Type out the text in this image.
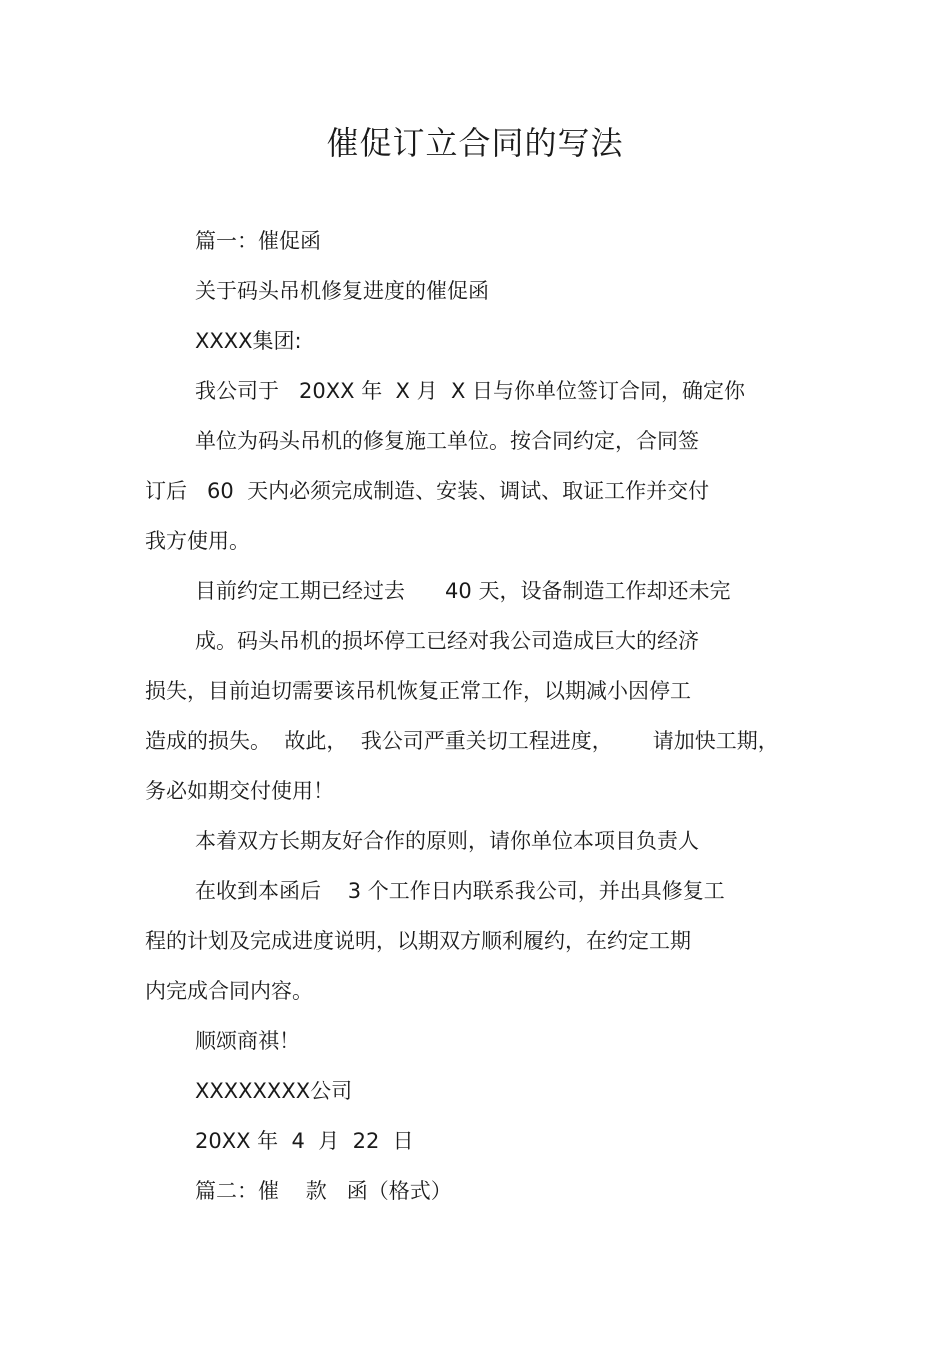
催促订立合同的写法
篇一：催促函
关于码头吊机修复进度的催促函
XXXX集团:
我公司于   20XX 年  X 月  X 日与你单位签订合同，确定你
单位为码头吊机的修复施工单位。按合同约定，合同签
订后   60  天内必须完成制造、安装、调试、取证工作并交付
我方使用。
目前约定工期已经过去      40 天，设备制造工作却还未完
成。码头吊机的损坏停工已经对我公司造成巨大的经济
损失，目前迫切需要该吊机恢复正常工作，以期减小因停工
造成的损失。  故此，  我公司严重关切工程进度，      请加快工期，
务必如期交付使用！
本着双方长期友好合作的原则，请你单位本项目负责人
在收到本函后    3 个工作日内联系我公司，并出具修复工
程的计划及完成进度说明，以期双方顺利履约，在约定工期
内完成合同内容。
顺颂商祺！
XXXXXXXX公司
20XX 年  4  月  22  日
篇二：催    款   函（格式）
